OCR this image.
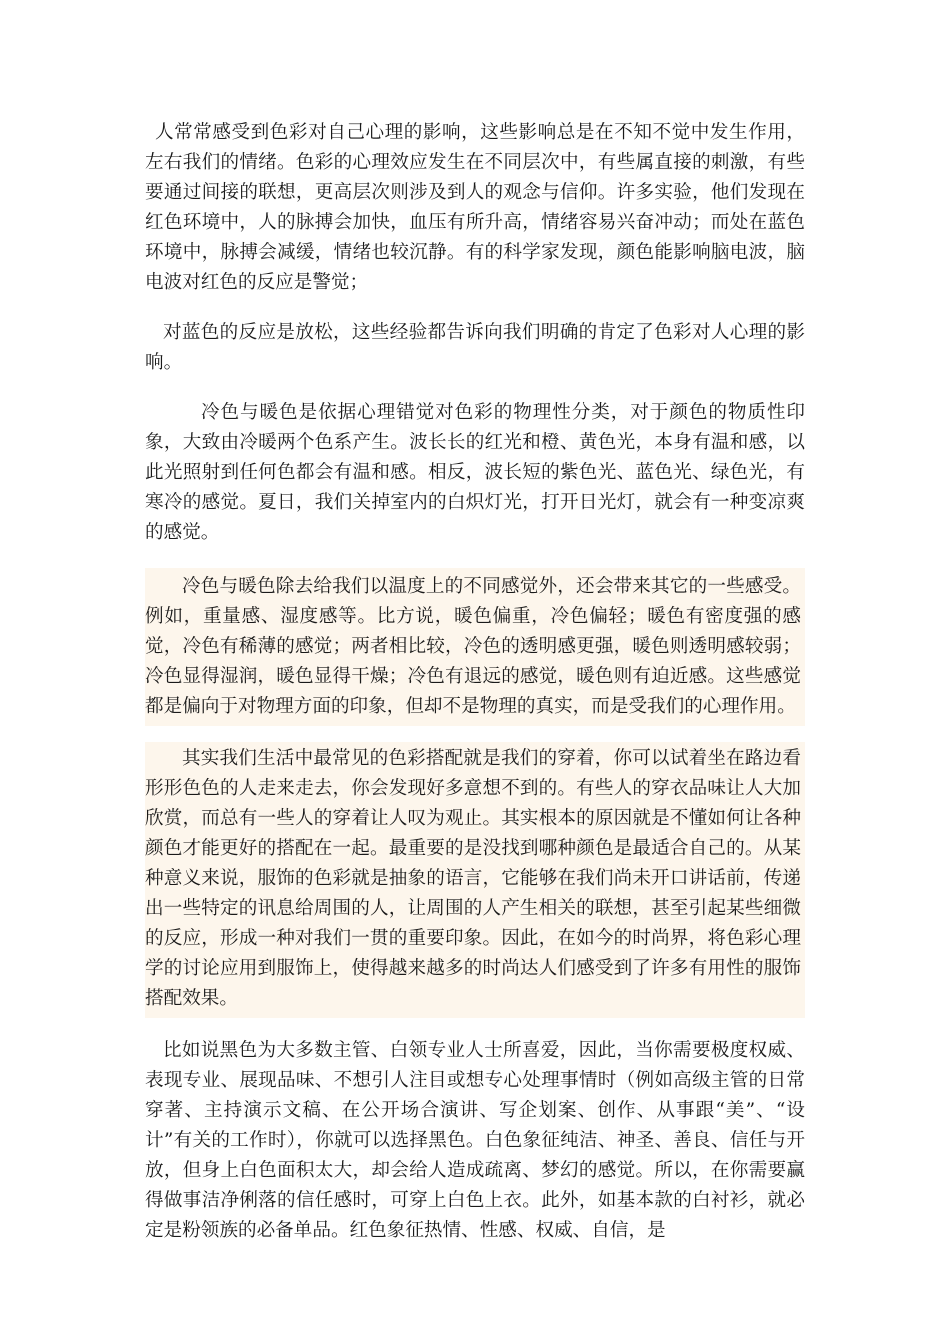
人常常感受到色彩对自己心理的影响，这些影响总是在不知不觉中发生作用，左右我们的情绪。色彩的心理效应发生在不同层次中，有些属直接的刺激，有些要通过间接的联想，更高层次则涉及到人的观念与信仰。许多实验，他们发现在红色环境中，人的脉搏会加快，血压有所升高，情绪容易兴奋冲动；而处在蓝色环境中，脉搏会减缓，情绪也较沉静。有的科学家发现，颜色能影响脑电波，脑电波对红色的反应是警觉；

对蓝色的反应是放松，这些经验都告诉向我们明确的肯定了色彩对人心理的影响。

冷色与暖色是依据心理错觉对色彩的物理性分类，对于颜色的物质性印象，大致由冷暖两个色系产生。波长长的红光和橙、黄色光，本身有温和感，以此光照射到任何色都会有温和感。相反，波长短的紫色光、蓝色光、绿色光，有寒冷的感觉。夏日，我们关掉室内的白炽灯光，打开日光灯，就会有一种变凉爽的感觉。

冷色与暖色除去给我们以温度上的不同感觉外，还会带来其它的一些感受。例如，重量感、湿度感等。比方说，暖色偏重，冷色偏轻；暖色有密度强的感觉，冷色有稀薄的感觉；两者相比较，冷色的透明感更强，暖色则透明感较弱；冷色显得湿润，暖色显得干燥；冷色有退远的感觉，暖色则有迫近感。这些感觉都是偏向于对物理方面的印象，但却不是物理的真实，而是受我们的心理作用。

其实我们生活中最常见的色彩搭配就是我们的穿着，你可以试着坐在路边看形形色色的人走来走去，你会发现好多意想不到的。有些人的穿衣品味让人大加欣赏，而总有一些人的穿着让人叹为观止。其实根本的原因就是不懂如何让各种颜色才能更好的搭配在一起。最重要的是没找到哪种颜色是最适合自己的。从某种意义来说，服饰的色彩就是抽象的语言，它能够在我们尚未开口讲话前，传递出一些特定的讯息给周围的人，让周围的人产生相关的联想，甚至引起某些细微的反应，形成一种对我们一贯的重要印象。因此，在如今的时尚界，将色彩心理学的讨论应用到服饰上，使得越来越多的时尚达人们感受到了许多有用性的服饰搭配效果。

比如说黑色为大多数主管、白领专业人士所喜爱，因此，当你需要极度权威、表现专业、展现品味、不想引人注目或想专心处理事情时（例如高级主管的日常穿著、主持演示文稿、在公开场合演讲、写企划案、创作、从事跟“美”、“设计”有关的工作时），你就可以选择黑色。白色象征纯洁、神圣、善良、信任与开放，但身上白色面积太大，却会给人造成疏离、梦幻的感觉。所以，在你需要赢得做事洁净俐落的信任感时，可穿上白色上衣。此外，如基本款的白衬衫，就必定是粉领族的必备单品。红色象征热情、性感、权威、自信，是
